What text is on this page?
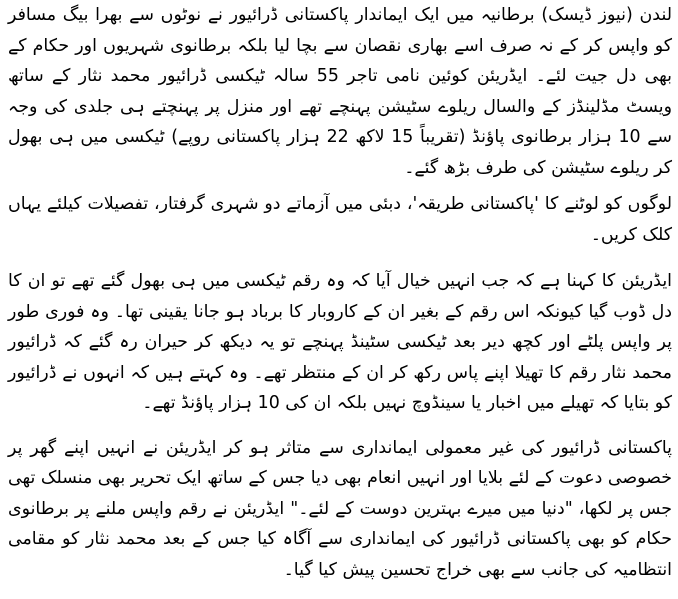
لندن (نیوز ڈیسک) برطانیہ میں ایک ایماندار پاکستانی ڈرائیور نے نوٹوں سے بھرا بیگ مسافر کو واپس کر کے نہ صرف اسے بھاری نقصان سے بچا لیا بلکہ برطانوی شہریوں اور حکام کے بھی دل جیت لئے۔ ایڈریئن کوئین نامی تاجر 55 سالہ ٹیکسی ڈرائیور محمد نثار کے ساتھ ویسٹ مڈلینڈز کے والسال ریلوے سٹیشن پہنچے تھے اور منزل پر پہنچتے ہی جلدی کی وجہ سے 10 ہزار برطانوی پاؤنڈ (تقریباً 15 لاکھ 22 ہزار پاکستانی روپے) ٹیکسی میں ہی بھول کر ریلوے سٹیشن کی طرف بڑھ گئے۔

لوگوں کو لوٹنے کا 'پاکستانی طریقہ'، دبئی میں آزماتے دو شہری گرفتار، تفصیلات کیلئے یہاں کلک کریں۔

ایڈریئن کا کہنا ہے کہ جب انہیں خیال آیا کہ وہ رقم ٹیکسی میں ہی بھول گئے تھے تو ان کا دل ڈوب گیا کیونکہ اس رقم کے بغیر ان کے کاروبار کا برباد ہو جانا یقینی تھا۔ وہ فوری طور پر واپس پلٹے اور کچھ دیر بعد ٹیکسی سٹینڈ پہنچے تو یہ دیکھ کر حیران رہ گئے کہ ڈرائیور محمد نثار رقم کا تھیلا اپنے پاس رکھ کر ان کے منتظر تھے۔ وہ کہتے ہیں کہ انہوں نے ڈرائیور کو بتایا کہ تھیلے میں اخبار یا سینڈوچ نہیں بلکہ ان کی 10 ہزار پاؤنڈ تھے۔

پاکستانی ڈرائیور کی غیر معمولی ایمانداری سے متاثر ہو کر ایڈریئن نے انہیں اپنے گھر پر خصوصی دعوت کے لئے بلایا اور انہیں انعام بھی دیا جس کے ساتھ ایک تحریر بھی منسلک تھی جس پر لکھا، "دنیا میں میرے بہترین دوست کے لئے۔" ایڈریئن نے رقم واپس ملنے پر برطانوی حکام کو بھی پاکستانی ڈرائیور کی ایمانداری سے آگاہ کیا جس کے بعد محمد نثار کو مقامی انتظامیہ کی جانب سے بھی خراج تحسین پیش کیا گیا۔
